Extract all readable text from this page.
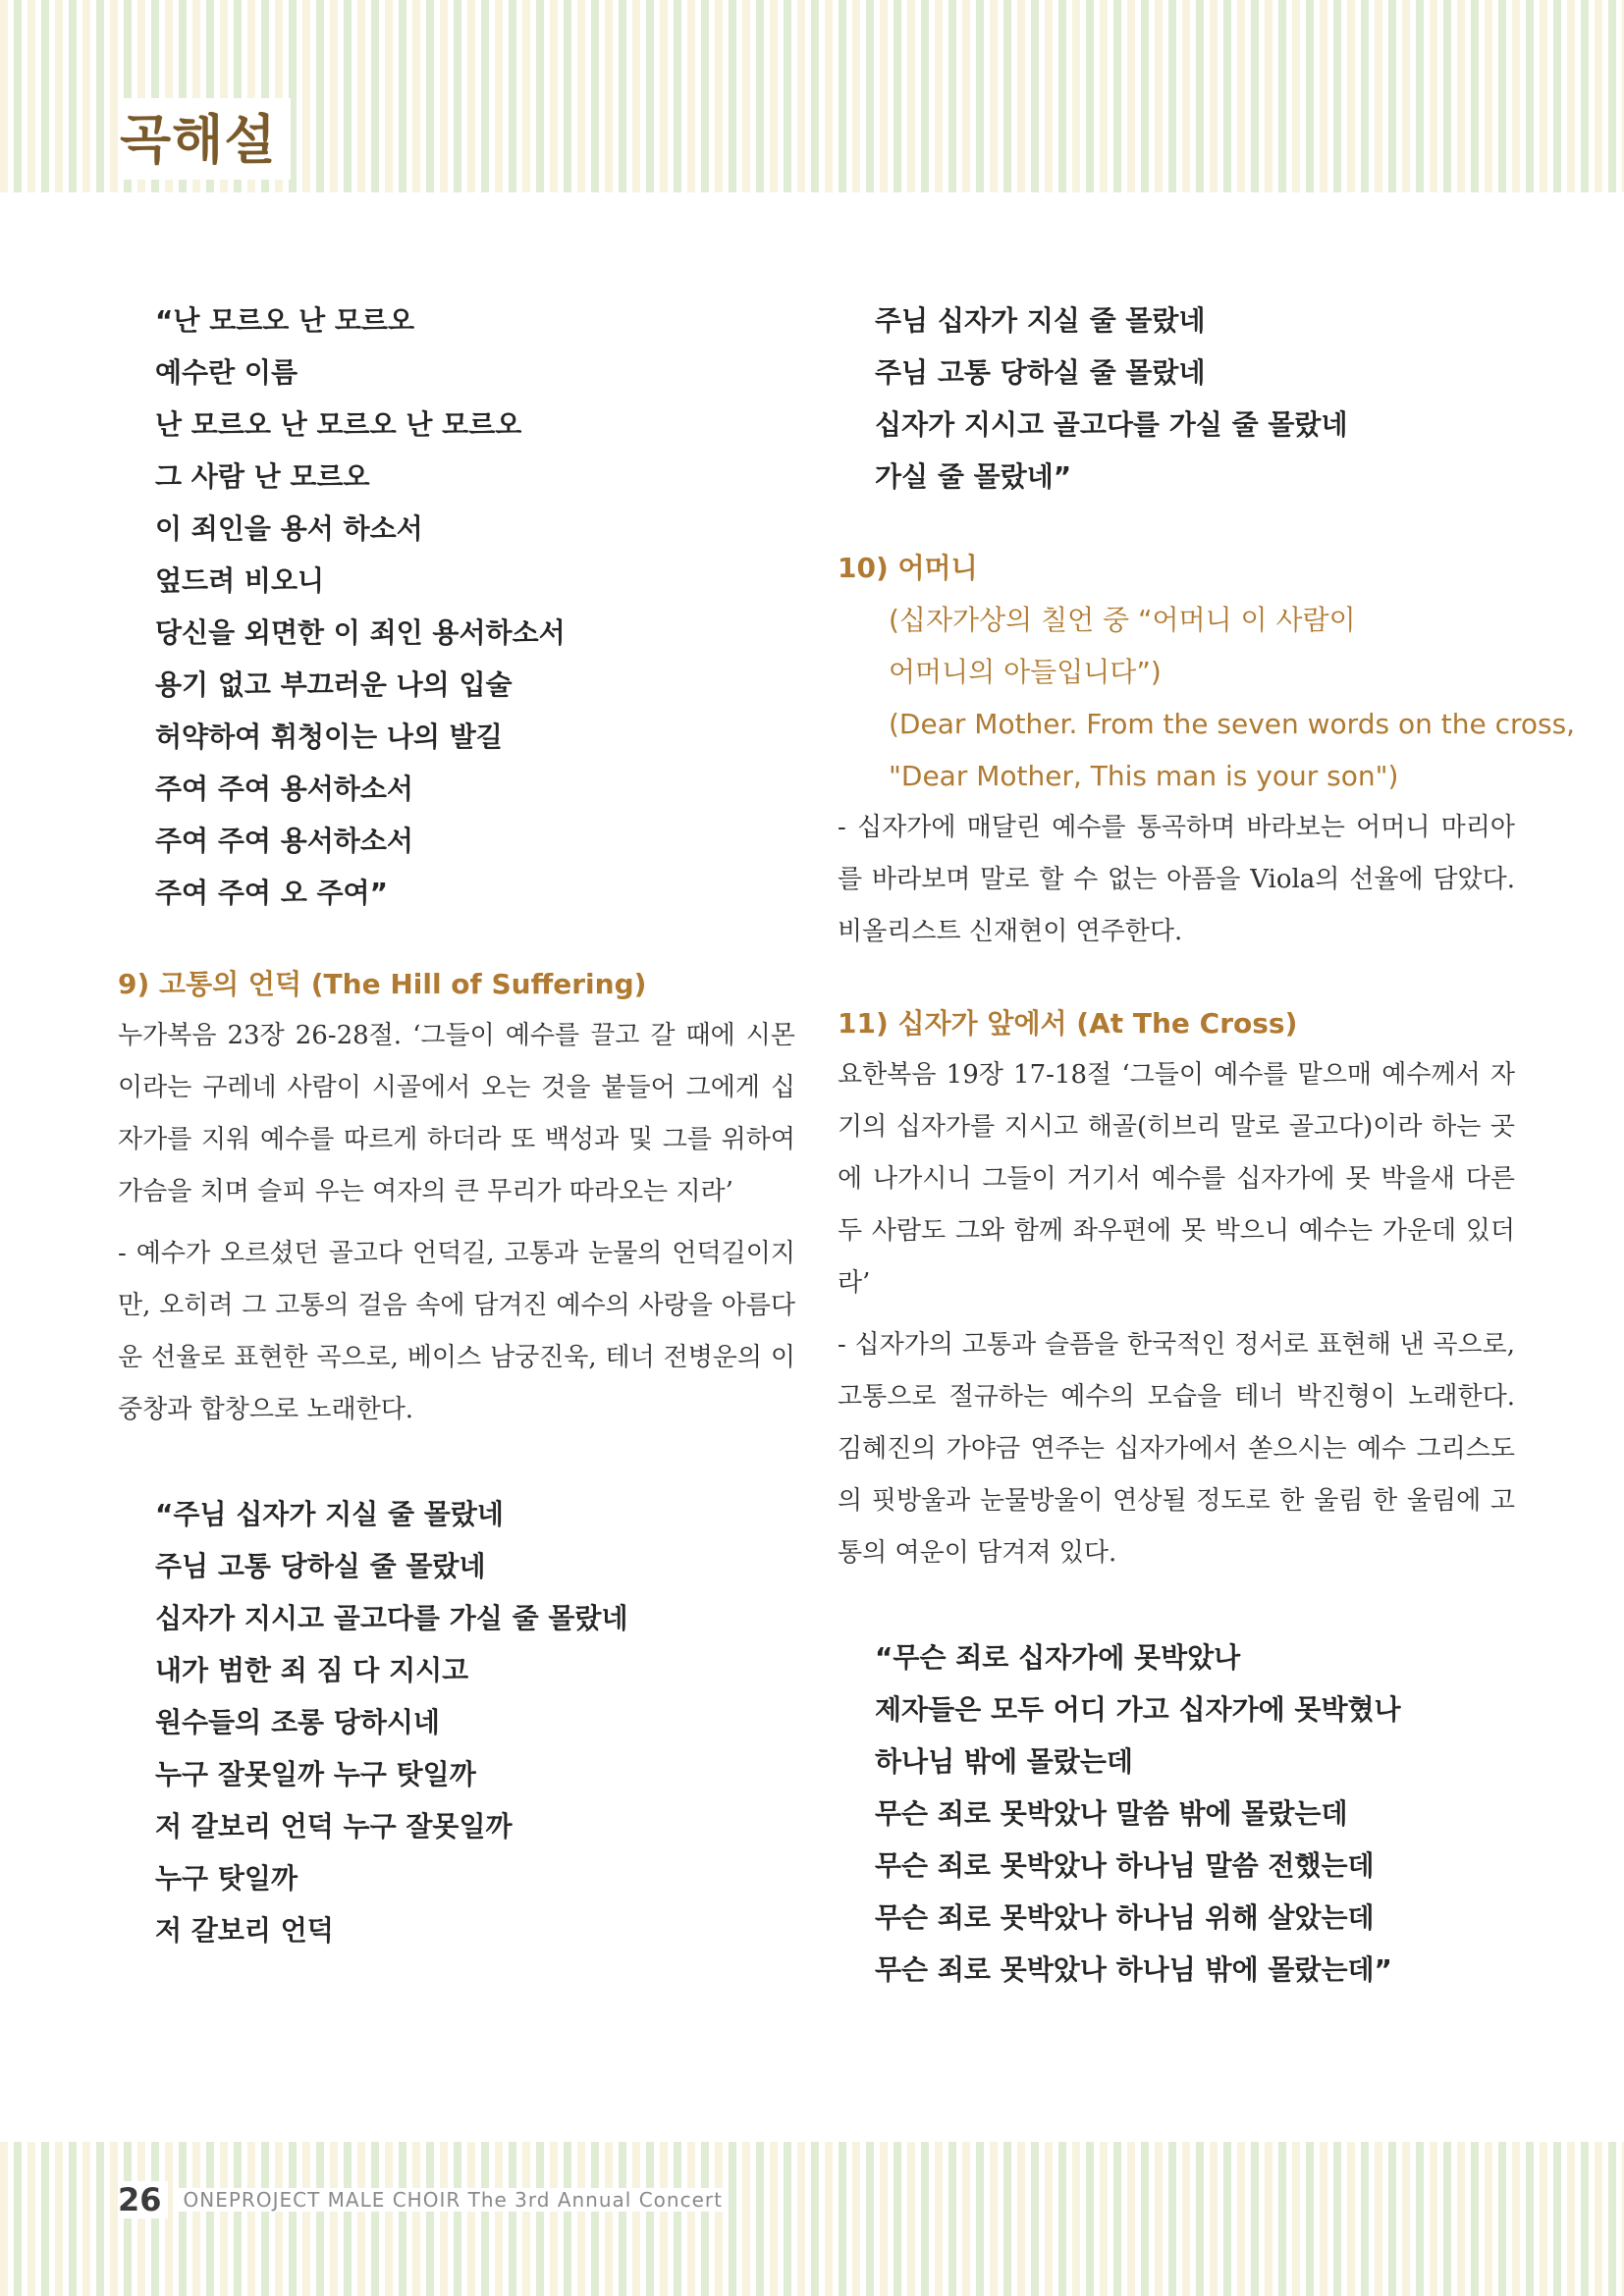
곡해설
“난 모르오 난 모르오
예수란 이름
난 모르오 난 모르오 난 모르오
그 사람 난 모르오
이 죄인을 용서 하소서
엎드려 비오니
당신을 외면한 이 죄인 용서하소서
용기 없고 부끄러운 나의 입술
허약하여 휘청이는 나의 발길
주여 주여 용서하소서
주여 주여 용서하소서
주여 주여 오 주여”
9) 고통의 언덕 (The Hill of Suffering)

누가복음 23장 26-28절. ‘그들이 예수를 끌고 갈 때에 시몬이라는 구레네 사람이 시골에서 오는 것을 붙들어 그에게 십자가를 지워 예수를 따르게 하더라 또 백성과 및 그를 위하여 가슴을 치며 슬피 우는 여자의 큰 무리가 따라오는 지라’

- 예수가 오르셨던 골고다 언덕길, 고통과 눈물의 언덕길이지만, 오히려 그 고통의 걸음 속에 담겨진 예수의 사랑을 아름다운 선율로 표현한 곡으로, 베이스 남궁진욱, 테너 전병운의 이중창과 합창으로 노래한다.

“주님 십자가 지실 줄 몰랐네
주님 고통 당하실 줄 몰랐네
십자가 지시고 골고다를 가실 줄 몰랐네
내가 범한 죄 짐 다 지시고
원수들의 조롱 당하시네
누구 잘못일까 누구 탓일까
저 갈보리 언덕 누구 잘못일까
누구 탓일까
저 갈보리 언덕
주님 십자가 지실 줄 몰랐네
주님 고통 당하실 줄 몰랐네
십자가 지시고 골고다를 가실 줄 몰랐네
가실 줄 몰랐네”
10) 어머니
(십자가상의 칠언 중 “어머니 이 사람이
어머니의 아들입니다”)
(Dear Mother. From the seven words on the cross,
"Dear Mother, This man is your son")

- 십자가에 매달린 예수를 통곡하며 바라보는 어머니 마리아를 바라보며 말로 할 수 없는 아픔을 Viola의 선율에 담았다. 비올리스트 신재현이 연주한다.

11) 십자가 앞에서 (At The Cross)

요한복음 19장 17-18절 ‘그들이 예수를 맡으매 예수께서 자기의 십자가를 지시고 해골(히브리 말로 골고다)이라 하는 곳에 나가시니 그들이 거기서 예수를 십자가에 못 박을새 다른 두 사람도 그와 함께 좌우편에 못 박으니 예수는 가운데 있더라’

- 십자가의 고통과 슬픔을 한국적인 정서로 표현해 낸 곡으로, 고통으로 절규하는 예수의 모습을 테너 박진형이 노래한다. 김혜진의 가야금 연주는 십자가에서 쏟으시는 예수 그리스도의 핏방울과 눈물방울이 연상될 정도로 한 울림 한 울림에 고통의 여운이 담겨져 있다.

“무슨 죄로 십자가에 못박았나
제자들은 모두 어디 가고 십자가에 못박혔나
하나님 밖에 몰랐는데
무슨 죄로 못박았나 말씀 밖에 몰랐는데
무슨 죄로 못박았나 하나님 말씀 전했는데
무슨 죄로 못박았나 하나님 위해 살았는데
무슨 죄로 못박았나 하나님 밖에 몰랐는데”
26 ONEPROJECT MALE CHOIR The 3rd Annual Concert
